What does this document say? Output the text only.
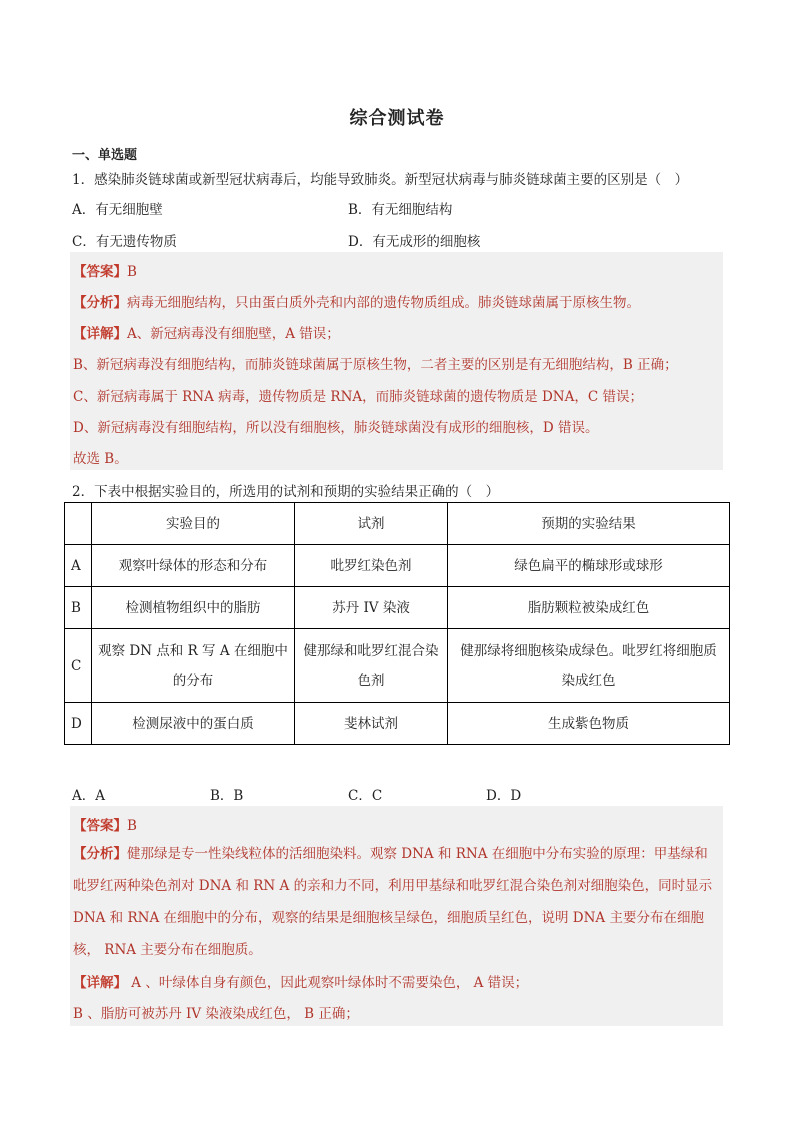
综合测试卷
一、单选题
1．感染肺炎链球菌或新型冠状病毒后，均能导致肺炎。新型冠状病毒与肺炎链球菌主要的区别是（　）
A．有无细胞壁	B．有无细胞结构
C．有无遗传物质	D．有无成形的细胞核
【答案】B
【分析】病毒无细胞结构，只由蛋白质外壳和内部的遗传物质组成。肺炎链球菌属于原核生物。
【详解】A、新冠病毒没有细胞壁，A 错误；
B、新冠病毒没有细胞结构，而肺炎链球菌属于原核生物，二者主要的区别是有无细胞结构，B 正确；
C、新冠病毒属于 RNA 病毒，遗传物质是 RNA，而肺炎链球菌的遗传物质是 DNA，C 错误；
D、新冠病毒没有细胞结构，所以没有细胞核，肺炎链球菌没有成形的细胞核，D 错误。
故选 B。
2．下表中根据实验目的，所选用的试剂和预期的实验结果正确的（　）
	实验目的	试剂	预期的实验结果
A	观察叶绿体的形态和分布	吡罗红染色剂	绿色扁平的椭球形或球形
B	检测植物组织中的脂肪	苏丹 IV 染液	脂肪颗粒被染成红色
C	观察 DN 点和 R 写 A 在细胞中的分布	健那绿和吡罗红混合染色剂	健那绿将细胞核染成绿色。吡罗红将细胞质染成红色
D	检测尿液中的蛋白质	斐林试剂	生成紫色物质
A．A	B．B	C．C	D．D
【答案】B
【分析】健那绿是专一性染线粒体的活细胞染料。观察 DNA 和 RNA 在细胞中分布实验的原理：甲基绿和吡罗红两种染色剂对 DNA 和 RN A 的亲和力不同，利用甲基绿和吡罗红混合染色剂对细胞染色，同时显示 DNA 和 RNA 在细胞中的分布，观察的结果是细胞核呈绿色，细胞质呈红色，说明 DNA 主要分布在细胞核， RNA 主要分布在细胞质。
【详解】 A 、叶绿体自身有颜色，因此观察叶绿体时不需要染色， A 错误；
B 、脂肪可被苏丹 IV 染液染成红色， B 正确；
